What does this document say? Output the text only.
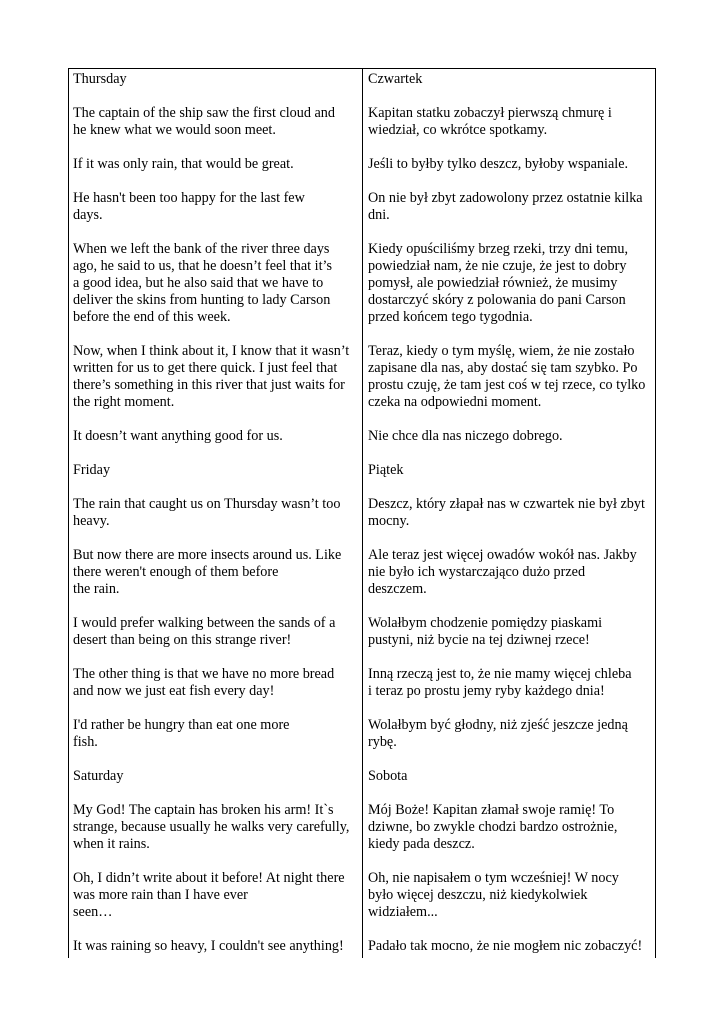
Thursday

The captain of the ship saw the first cloud and
he knew what we would soon meet.

If it was only rain, that would be great.

He hasn't been too happy for the last few
days.

When we left the bank of the river three days
ago, he said to us, that he doesn’t feel that it’s
a good idea, but he also said that we have to
deliver the skins from hunting to lady Carson
before the end of this week.

Now, when I think about it, I know that it wasn’t
written for us to get there quick. I just feel that
there’s something in this river that just waits for
the right moment.

It doesn’t want anything good for us.

Friday

The rain that caught us on Thursday wasn’t too
heavy.

But now there are more insects around us. Like
there weren't enough of them before
the rain.

I would prefer walking between the sands of a
desert than being on this strange river!

The other thing is that we have no more bread
and now we just eat fish every day!

I'd rather be hungry than eat one more
fish.

Saturday

My God! The captain has broken his arm! It`s
strange, because usually he walks very carefully,
when it rains.

Oh, I didn’t write about it before! At night there
was more rain than I have ever
seen…

It was raining so heavy, I couldn't see anything!

Czwartek

Kapitan statku zobaczył pierwszą chmurę i
wiedział, co wkrótce spotkamy.

Jeśli to byłby tylko deszcz, byłoby wspaniale.

On nie był zbyt zadowolony przez ostatnie kilka
dni.

Kiedy opuściliśmy brzeg rzeki, trzy dni temu,
powiedział nam, że nie czuje, że jest to dobry
pomysł, ale powiedział również, że musimy
dostarczyć skóry z polowania do pani Carson
przed końcem tego tygodnia.

Teraz, kiedy o tym myślę, wiem, że nie zostało
zapisane dla nas, aby dostać się tam szybko. Po
prostu czuję, że tam jest coś w tej rzece, co tylko
czeka na odpowiedni moment.

Nie chce dla nas niczego dobrego.

Piątek

Deszcz, który złapał nas w czwartek nie był zbyt
mocny.

Ale teraz jest więcej owadów wokół nas. Jakby
nie było ich wystarczająco dużo przed
deszczem.

Wolałbym chodzenie pomiędzy piaskami
pustyni, niż bycie na tej dziwnej rzece!

Inną rzeczą jest to, że nie mamy więcej chleba
i teraz po prostu jemy ryby każdego dnia!

Wolałbym być głodny, niż zjeść jeszcze jedną
rybę.

Sobota

Mój Boże! Kapitan złamał swoje ramię! To
dziwne, bo zwykle chodzi bardzo ostrożnie,
kiedy pada deszcz.

Oh, nie napisałem o tym wcześniej! W nocy
było więcej deszczu, niż kiedykolwiek
widziałem...

Padało tak mocno, że nie mogłem nic zobaczyć!
